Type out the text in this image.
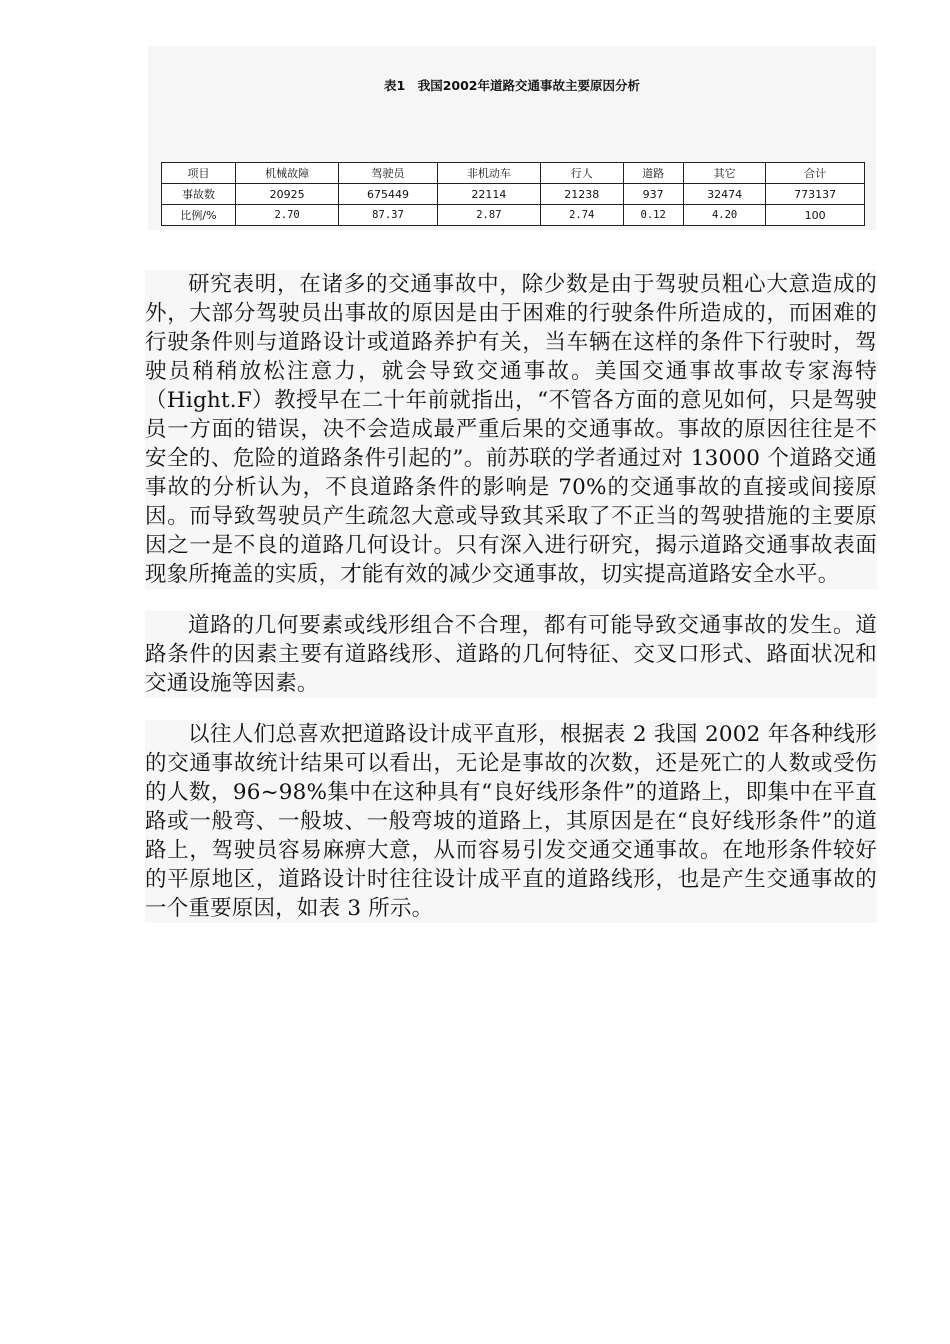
表1　我国2002年道路交通事故主要原因分析
项目	机械故障	驾驶员	非机动车	行人	道路	其它	合计
事故数	20925	675449	22114	21238	937	32474	773137
比例/%	2.70	87.37	2.87	2.74	0.12	4.20	100

研究表明，在诸多的交通事故中，除少数是由于驾驶员粗心大意造成的外，大部分驾驶员出事故的原因是由于困难的行驶条件所造成的，而困难的行驶条件则与道路设计或道路养护有关，当车辆在这样的条件下行驶时，驾驶员稍稍放松注意力，就会导致交通事故。美国交通事故事故专家海特（Hight.F）教授早在二十年前就指出，“不管各方面的意见如何，只是驾驶员一方面的错误，决不会造成最严重后果的交通事故。事故的原因往往是不安全的、危险的道路条件引起的”。前苏联的学者通过对 13000 个道路交通事故的分析认为，不良道路条件的影响是 70%的交通事故的直接或间接原因。而导致驾驶员产生疏忽大意或导致其采取了不正当的驾驶措施的主要原因之一是不良的道路几何设计。只有深入进行研究，揭示道路交通事故表面现象所掩盖的实质，才能有效的减少交通事故，切实提高道路安全水平。

道路的几何要素或线形组合不合理，都有可能导致交通事故的发生。道路条件的因素主要有道路线形、道路的几何特征、交叉口形式、路面状况和交通设施等因素。

以往人们总喜欢把道路设计成平直形，根据表 2 我国 2002 年各种线形的交通事故统计结果可以看出，无论是事故的次数，还是死亡的人数或受伤的人数，96~98%集中在这种具有“良好线形条件”的道路上，即集中在平直路或一般弯、一般坡、一般弯坡的道路上，其原因是在“良好线形条件”的道路上，驾驶员容易麻痹大意，从而容易引发交通交通事故。在地形条件较好的平原地区，道路设计时往往设计成平直的道路线形，也是产生交通事故的一个重要原因，如表 3 所示。
